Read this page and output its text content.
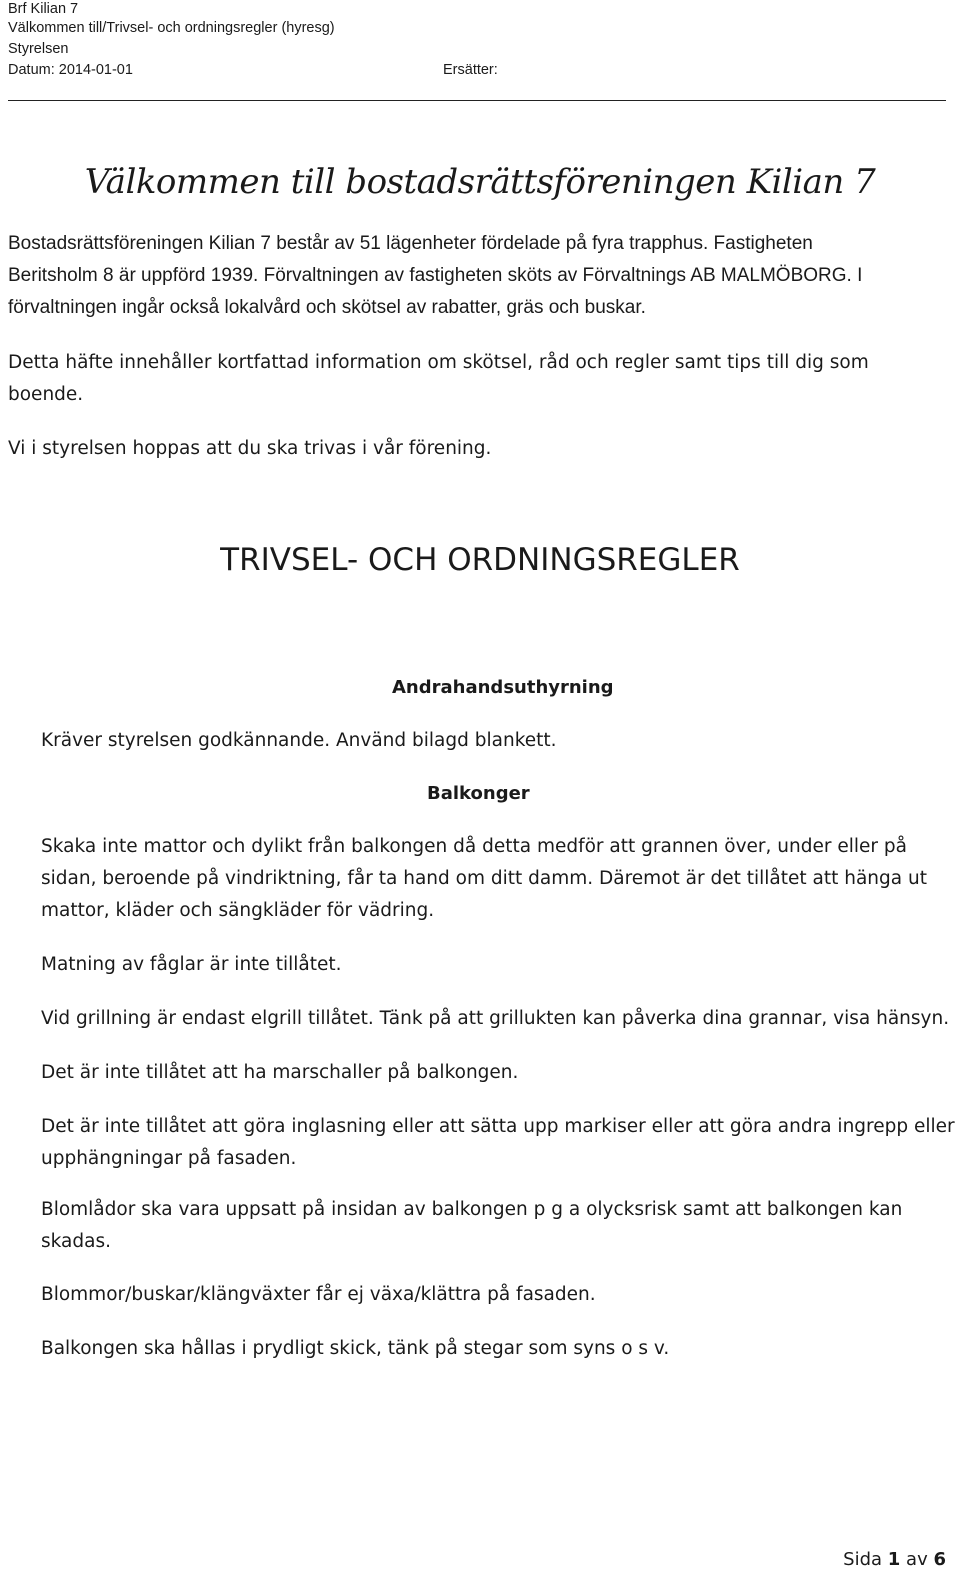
Brf Kilian 7
Välkommen till/Trivsel- och ordningsregler (hyresg)
Styrelsen
Datum: 2014-01-01	Ersätter:
Välkommen till bostadsrättsföreningen Kilian 7
Bostadsrättsföreningen Kilian 7 består av 51 lägenheter fördelade på fyra trapphus. Fastigheten
Beritsholm 8 är uppförd 1939. Förvaltningen av fastigheten sköts av Förvaltnings AB MALMÖBORG. I
förvaltningen ingår också lokalvård och skötsel av rabatter, gräs och buskar.
Detta häfte innehåller kortfattad information om skötsel, råd och regler samt tips till dig som
boende.
Vi i styrelsen hoppas att du ska trivas i vår förening.
TRIVSEL- OCH ORDNINGSREGLER
Andrahandsuthyrning
Kräver styrelsen godkännande. Använd bilagd blankett.
Balkonger
Skaka inte mattor och dylikt från balkongen då detta medför att grannen över, under eller på
sidan, beroende på vindriktning, får ta hand om ditt damm. Däremot är det tillåtet att hänga ut
mattor, kläder och sängkläder för vädring.
Matning av fåglar är inte tillåtet.
Vid grillning är endast elgrill tillåtet. Tänk på att grillukten kan påverka dina grannar, visa hänsyn.
Det är inte tillåtet att ha marschaller på balkongen.
Det är inte tillåtet att göra inglasning eller att sätta upp markiser eller att göra andra ingrepp eller
upphängningar på fasaden.
Blomlådor ska vara uppsatt på insidan av balkongen p g a olycksrisk samt att balkongen kan
skadas.
Blommor/buskar/klängväxter får ej växa/klättra på fasaden.
Balkongen ska hållas i prydligt skick, tänk på stegar som syns o s v.
Sida 1 av 6
